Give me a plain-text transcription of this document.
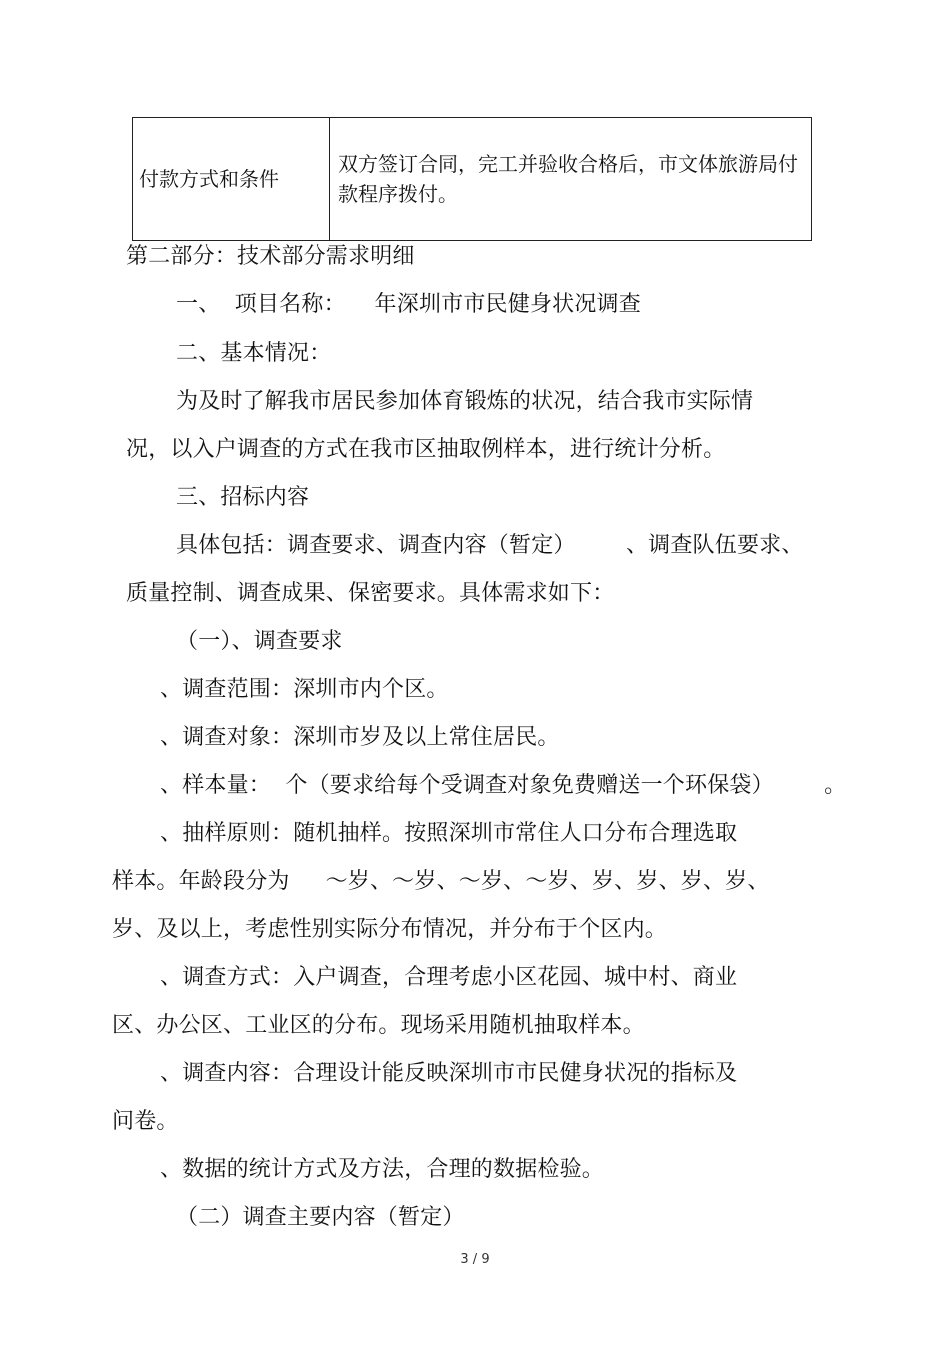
付款方式和条件	双方签订合同，完工并验收合格后，市文体旅游局付款程序拨付。
第二部分：技术部分需求明细
一、  项目名称：    年深圳市市民健身状况调查
二、基本情况：
为及时了解我市居民参加体育锻炼的状况，结合我市实际情
况，以入户调查的方式在我市区抽取例样本，进行统计分析。
三、招标内容
具体包括：调查要求、调查内容（暂定）       、调查队伍要求、
质量控制、调查成果、保密要求。具体需求如下：
（一）、调查要求
、调查范围：深圳市内个区。
、调查对象：深圳市岁及以上常住居民。
、样本量：  个（要求给每个受调查对象免费赠送一个环保袋）       。
、抽样原则：随机抽样。按照深圳市常住人口分布合理选取
样本。年龄段分为     ～岁、～岁、～岁、～岁、岁、岁、岁、岁、
岁、及以上，考虑性别实际分布情况，并分布于个区内。
、调查方式：入户调查，合理考虑小区花园、城中村、商业
区、办公区、工业区的分布。现场采用随机抽取样本。
、调查内容：合理设计能反映深圳市市民健身状况的指标及
问卷。
、数据的统计方式及方法，合理的数据检验。
（二）调查主要内容（暂定）
3 / 9
